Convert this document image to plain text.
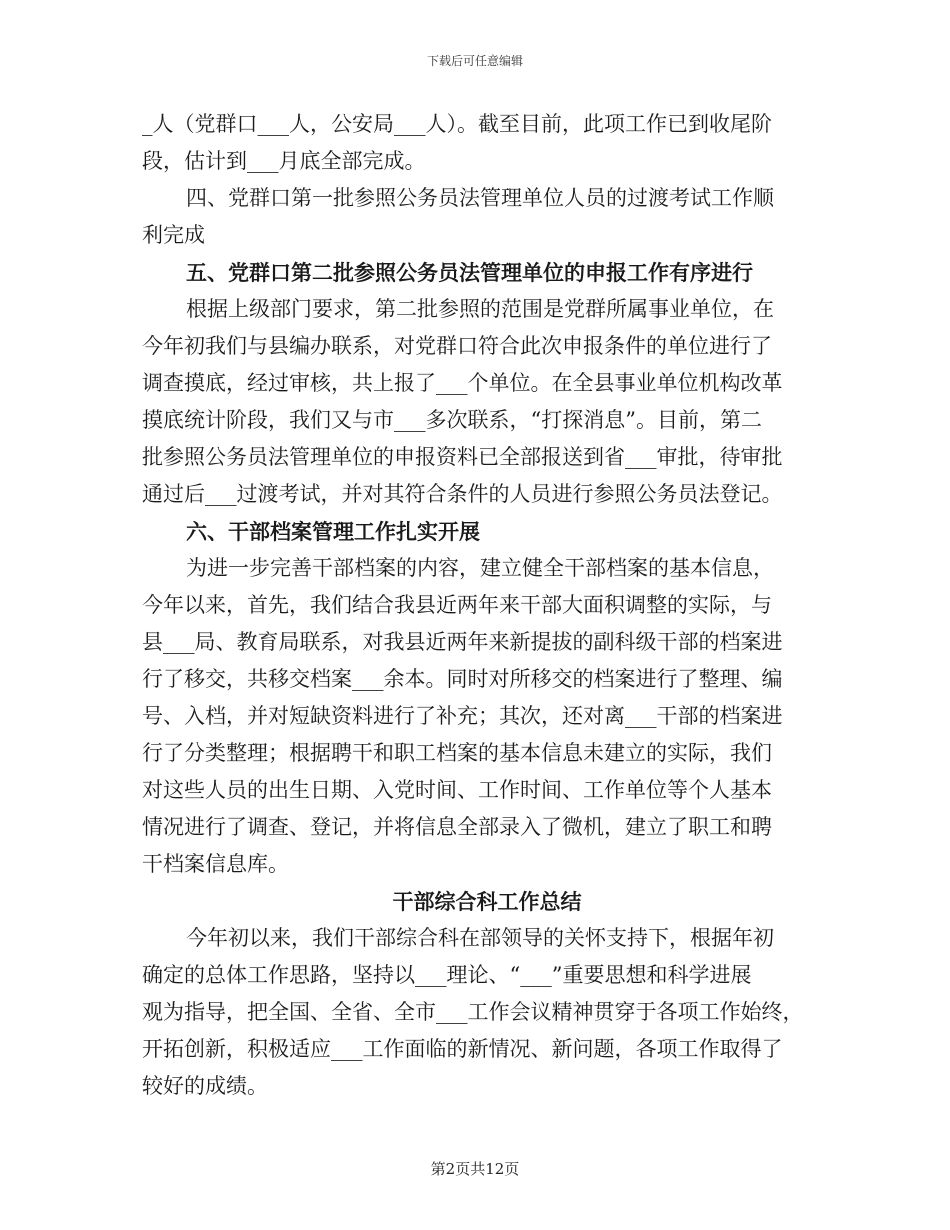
下载后可任意编辑
_人（党群口___人，公安局___人）。截至目前，此项工作已到收尾阶
段，估计到___月底全部完成。
四、党群口第一批参照公务员法管理单位人员的过渡考试工作顺
利完成
五、党群口第二批参照公务员法管理单位的申报工作有序进行
根据上级部门要求，第二批参照的范围是党群所属事业单位，在
今年初我们与县编办联系，对党群口符合此次申报条件的单位进行了
调查摸底，经过审核，共上报了___个单位。在全县事业单位机构改革
摸底统计阶段，我们又与市___多次联系，“打探消息”。目前，第二
批参照公务员法管理单位的申报资料已全部报送到省___审批，待审批
通过后___过渡考试，并对其符合条件的人员进行参照公务员法登记。
六、干部档案管理工作扎实开展
为进一步完善干部档案的内容，建立健全干部档案的基本信息，
今年以来，首先，我们结合我县近两年来干部大面积调整的实际，与
县___局、教育局联系，对我县近两年来新提拔的副科级干部的档案进
行了移交，共移交档案___余本。同时对所移交的档案进行了整理、编
号、入档，并对短缺资料进行了补充；其次，还对离___干部的档案进
行了分类整理；根据聘干和职工档案的基本信息未建立的实际，我们
对这些人员的出生日期、入党时间、工作时间、工作单位等个人基本
情况进行了调查、登记，并将信息全部录入了微机，建立了职工和聘
干档案信息库。
干部综合科工作总结
今年初以来，我们干部综合科在部领导的关怀支持下，根据年初
确定的总体工作思路，坚持以___理论、“___”重要思想和科学进展
观为指导，把全国、全省、全市___工作会议精神贯穿于各项工作始终，
开拓创新，积极适应___工作面临的新情况、新问题，各项工作取得了
较好的成绩。
第2页共12页
